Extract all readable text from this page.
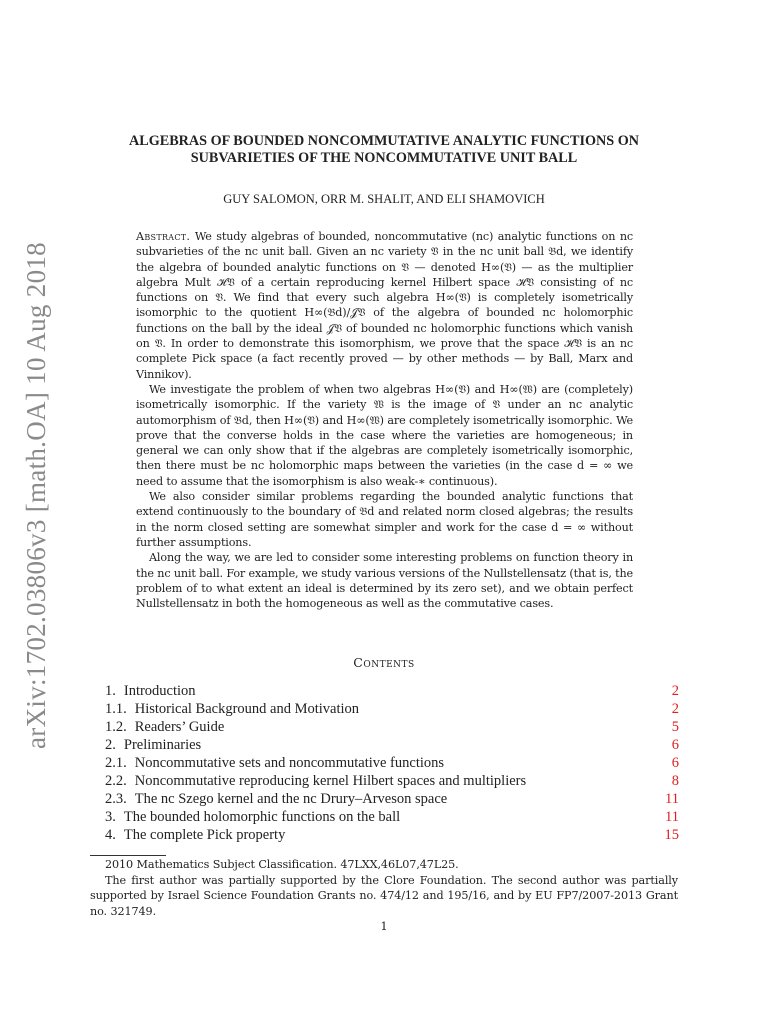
arXiv:1702.03806v3 [math.OA] 10 Aug 2018
ALGEBRAS OF BOUNDED NONCOMMUTATIVE ANALYTIC FUNCTIONS ON SUBVARIETIES OF THE NONCOMMUTATIVE UNIT BALL
GUY SALOMON, ORR M. SHALIT, AND ELI SHAMOVICH

Abstract. We study algebras of bounded, noncommutative (nc) analytic functions on nc subvarieties of the nc unit ball. Given an nc variety 𝔙 in the nc unit ball 𝔅d, we identify the algebra of bounded analytic functions on 𝔙 — denoted H∞(𝔙) — as the multiplier algebra Mult ℋ𝔙 of a certain reproducing kernel Hilbert space ℋ𝔙 consisting of nc functions on 𝔙. We find that every such algebra H∞(𝔙) is completely isometrically isomorphic to the quotient H∞(𝔅d)/𝒥𝔙 of the algebra of bounded nc holomorphic functions on the ball by the ideal 𝒥𝔙 of bounded nc holomorphic functions which vanish on 𝔙. In order to demonstrate this isomorphism, we prove that the space ℋ𝔙 is an nc complete Pick space (a fact recently proved — by other methods — by Ball, Marx and Vinnikov).

We investigate the problem of when two algebras H∞(𝔙) and H∞(𝔚) are (completely) isometrically isomorphic. If the variety 𝔚 is the image of 𝔙 under an nc analytic automorphism of 𝔅d, then H∞(𝔙) and H∞(𝔚) are completely isometrically isomorphic. We prove that the converse holds in the case where the varieties are homogeneous; in general we can only show that if the algebras are completely isometrically isomorphic, then there must be nc holomorphic maps between the varieties (in the case d = ∞ we need to assume that the isomorphism is also weak-∗ continuous).

We also consider similar problems regarding the bounded analytic functions that extend continuously to the boundary of 𝔅d and related norm closed algebras; the results in the norm closed setting are somewhat simpler and work for the case d = ∞ without further assumptions.

Along the way, we are led to consider some interesting problems on function theory in the nc unit ball. For example, we study various versions of the Nullstellensatz (that is, the problem of to what extent an ideal is determined by its zero set), and we obtain perfect Nullstellensatz in both the homogeneous as well as the commutative cases.

Contents
1. Introduction	2
1.1. Historical Background and Motivation	2
1.2. Readers’ Guide	5
2. Preliminaries	6
2.1. Noncommutative sets and noncommutative functions	6
2.2. Noncommutative reproducing kernel Hilbert spaces and multipliers	8
2.3. The nc Szego kernel and the nc Drury–Arveson space	11
3. The bounded holomorphic functions on the ball	11
4. The complete Pick property	15

2010 Mathematics Subject Classification. 47LXX,46L07,47L25.

The first author was partially supported by the Clore Foundation. The second author was partially supported by Israel Science Foundation Grants no. 474/12 and 195/16, and by EU FP7/2007-2013 Grant no. 321749.

1
